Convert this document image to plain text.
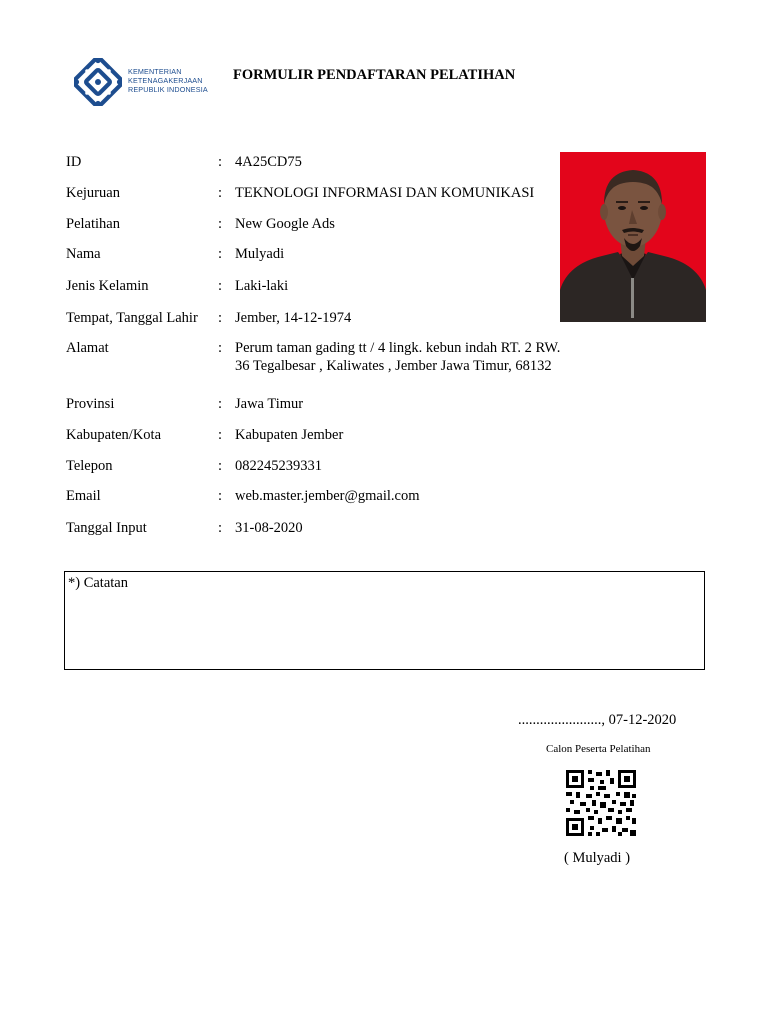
KEMENTERIAN
KETENAGAKERJAAN
REPUBLIK INDONESIA
FORMULIR PENDAFTARAN PELATIHAN
ID	: 4A25CD75
Kejuruan	: TEKNOLOGI INFORMASI DAN KOMUNIKASI
Pelatihan	: New Google Ads
Nama	: Mulyadi
Jenis Kelamin	: Laki-laki
Tempat, Tanggal Lahir : Jember, 14-12-1974
Alamat	: Perum taman gading tt / 4 lingk. kebun indah RT. 2 RW. 36 Tegalbesar , Kaliwates , Jember Jawa Timur, 68132
Provinsi	: Jawa Timur
Kabupaten/Kota	: Kabupaten Jember
Telepon	: 082245239331
Email	: web.master.jember@gmail.com
Tanggal Input	: 31-08-2020
*) Catatan
......................., 07-12-2020
Calon Peserta Pelatihan
( Mulyadi )
